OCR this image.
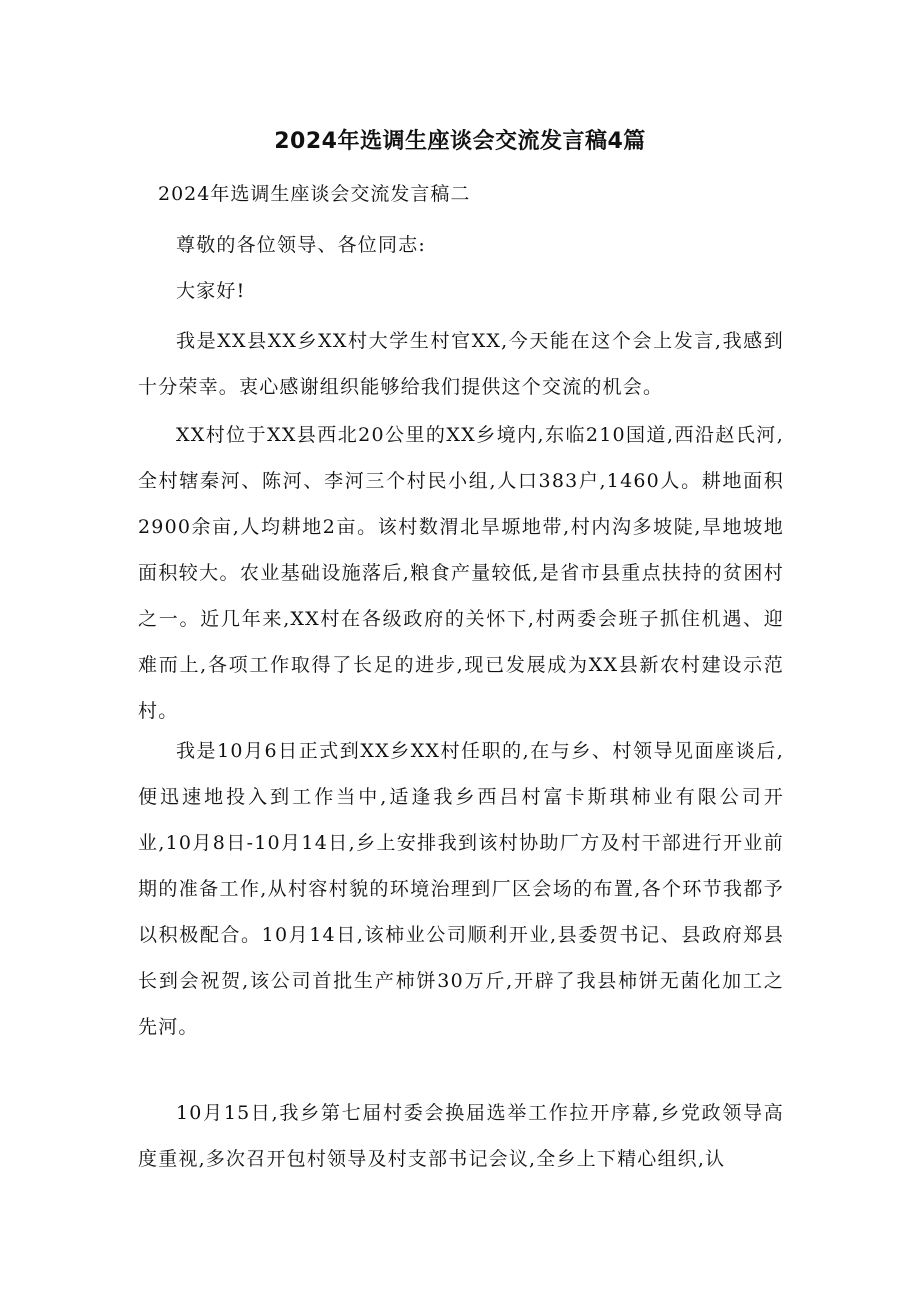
2024年选调生座谈会交流发言稿4篇
2024年选调生座谈会交流发言稿二
尊敬的各位领导、各位同志:
大家好!
我是XX县XX乡XX村大学生村官XX,今天能在这个会上发言,我感到十分荣幸。衷心感谢组织能够给我们提供这个交流的机会。
XX村位于XX县西北20公里的XX乡境内,东临210国道,西沿赵氏河,全村辖秦河、陈河、李河三个村民小组,人口383户,1460人。耕地面积2900余亩,人均耕地2亩。该村数渭北旱塬地带,村内沟多坡陡,旱地坡地面积较大。农业基础设施落后,粮食产量较低,是省市县重点扶持的贫困村之一。近几年来,XX村在各级政府的关怀下,村两委会班子抓住机遇、迎难而上,各项工作取得了长足的进步,现已发展成为XX县新农村建设示范村。
我是10月6日正式到XX乡XX村任职的,在与乡、村领导见面座谈后,便迅速地投入到工作当中,适逢我乡西吕村富卡斯琪柿业有限公司开业,10月8日-10月14日,乡上安排我到该村协助厂方及村干部进行开业前期的准备工作,从村容村貌的环境治理到厂区会场的布置,各个环节我都予以积极配合。10月14日,该柿业公司顺利开业,县委贺书记、县政府郑县长到会祝贺,该公司首批生产柿饼30万斤,开辟了我县柿饼无菌化加工之先河。
10月15日,我乡第七届村委会换届选举工作拉开序幕,乡党政领导高度重视,多次召开包村领导及村支部书记会议,全乡上下精心组织,认
